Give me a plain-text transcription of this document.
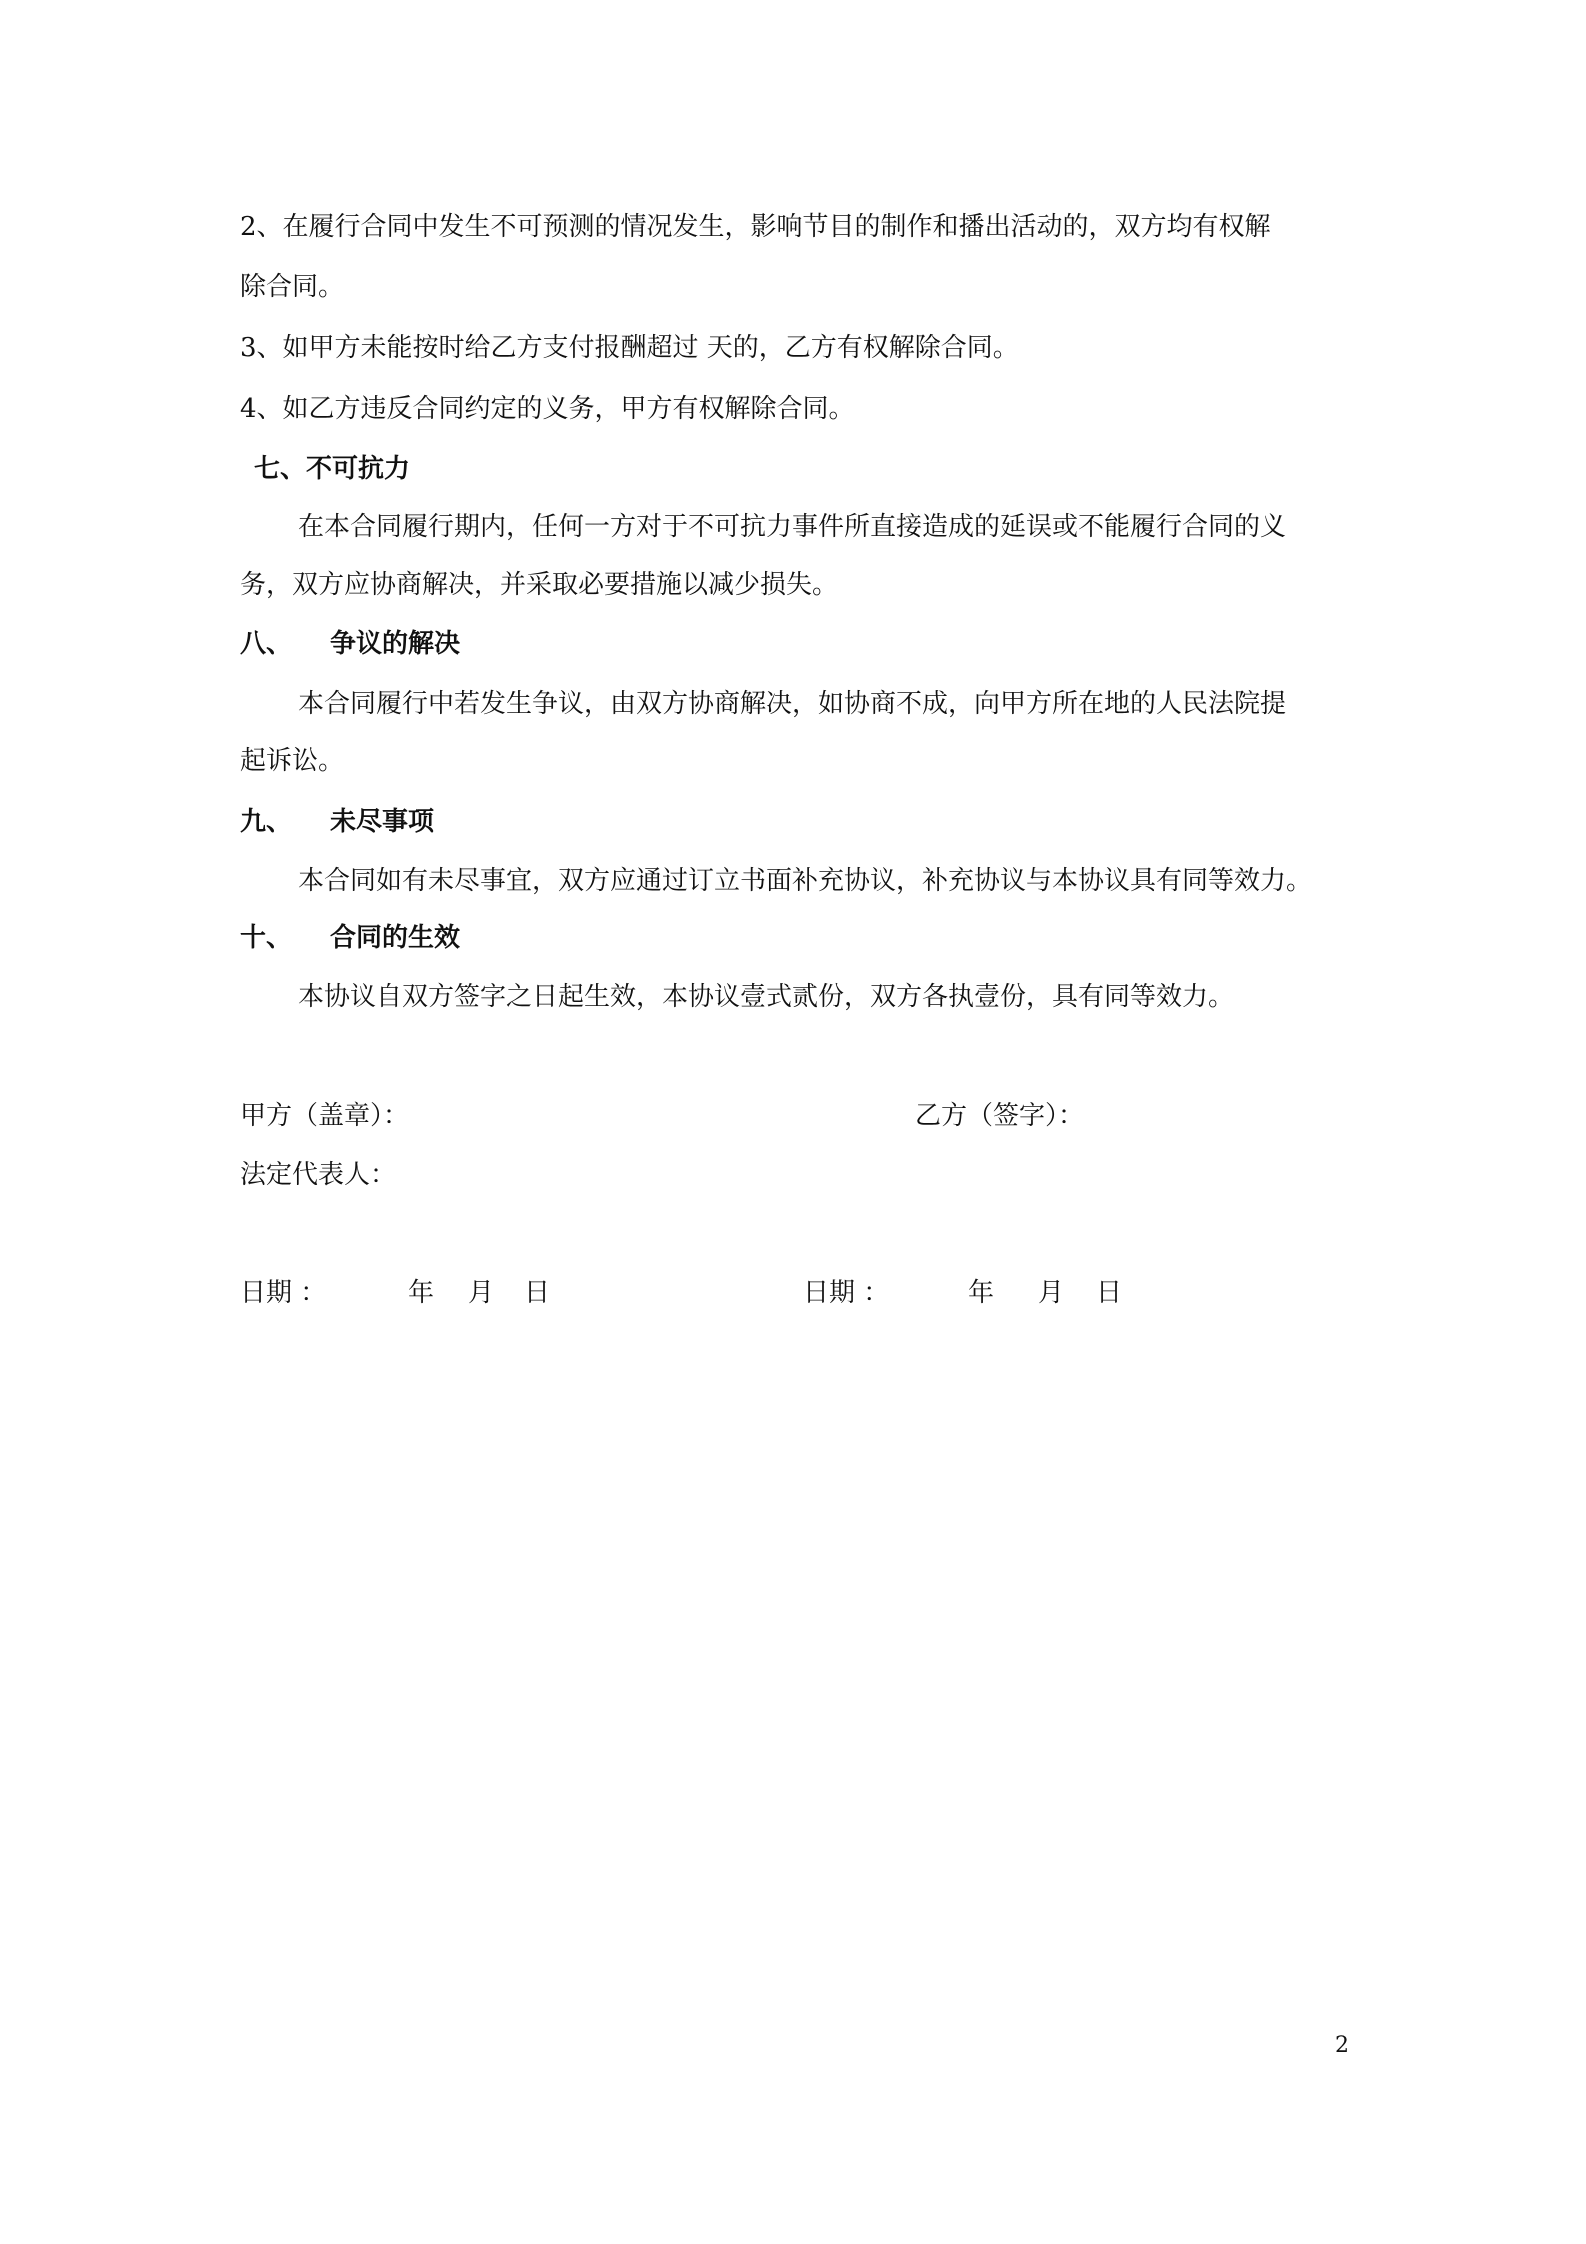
2、在履行合同中发生不可预测的情况发生，影响节目的制作和播出活动的，双方均有权解
除合同。
3、如甲方未能按时给乙方支付报酬超过 天的，乙方有权解除合同。
4、如乙方违反合同约定的义务，甲方有权解除合同。
七、不可抗力
在本合同履行期内，任何一方对于不可抗力事件所直接造成的延误或不能履行合同的义
务，双方应协商解决，并采取必要措施以减少损失。
八、 争议的解决
本合同履行中若发生争议，由双方协商解决，如协商不成，向甲方所在地的人民法院提
起诉讼。
九、 未尽事项
本合同如有未尽事宜，双方应通过订立书面补充协议，补充协议与本协议具有同等效力。
十、 合同的生效
本协议自双方签字之日起生效，本协议壹式贰份，双方各执壹份，具有同等效力。
甲方（盖章）：	乙方（签字）：
法定代表人：
日期 ：	年 月 日	日期 ：	年 月 日
2
